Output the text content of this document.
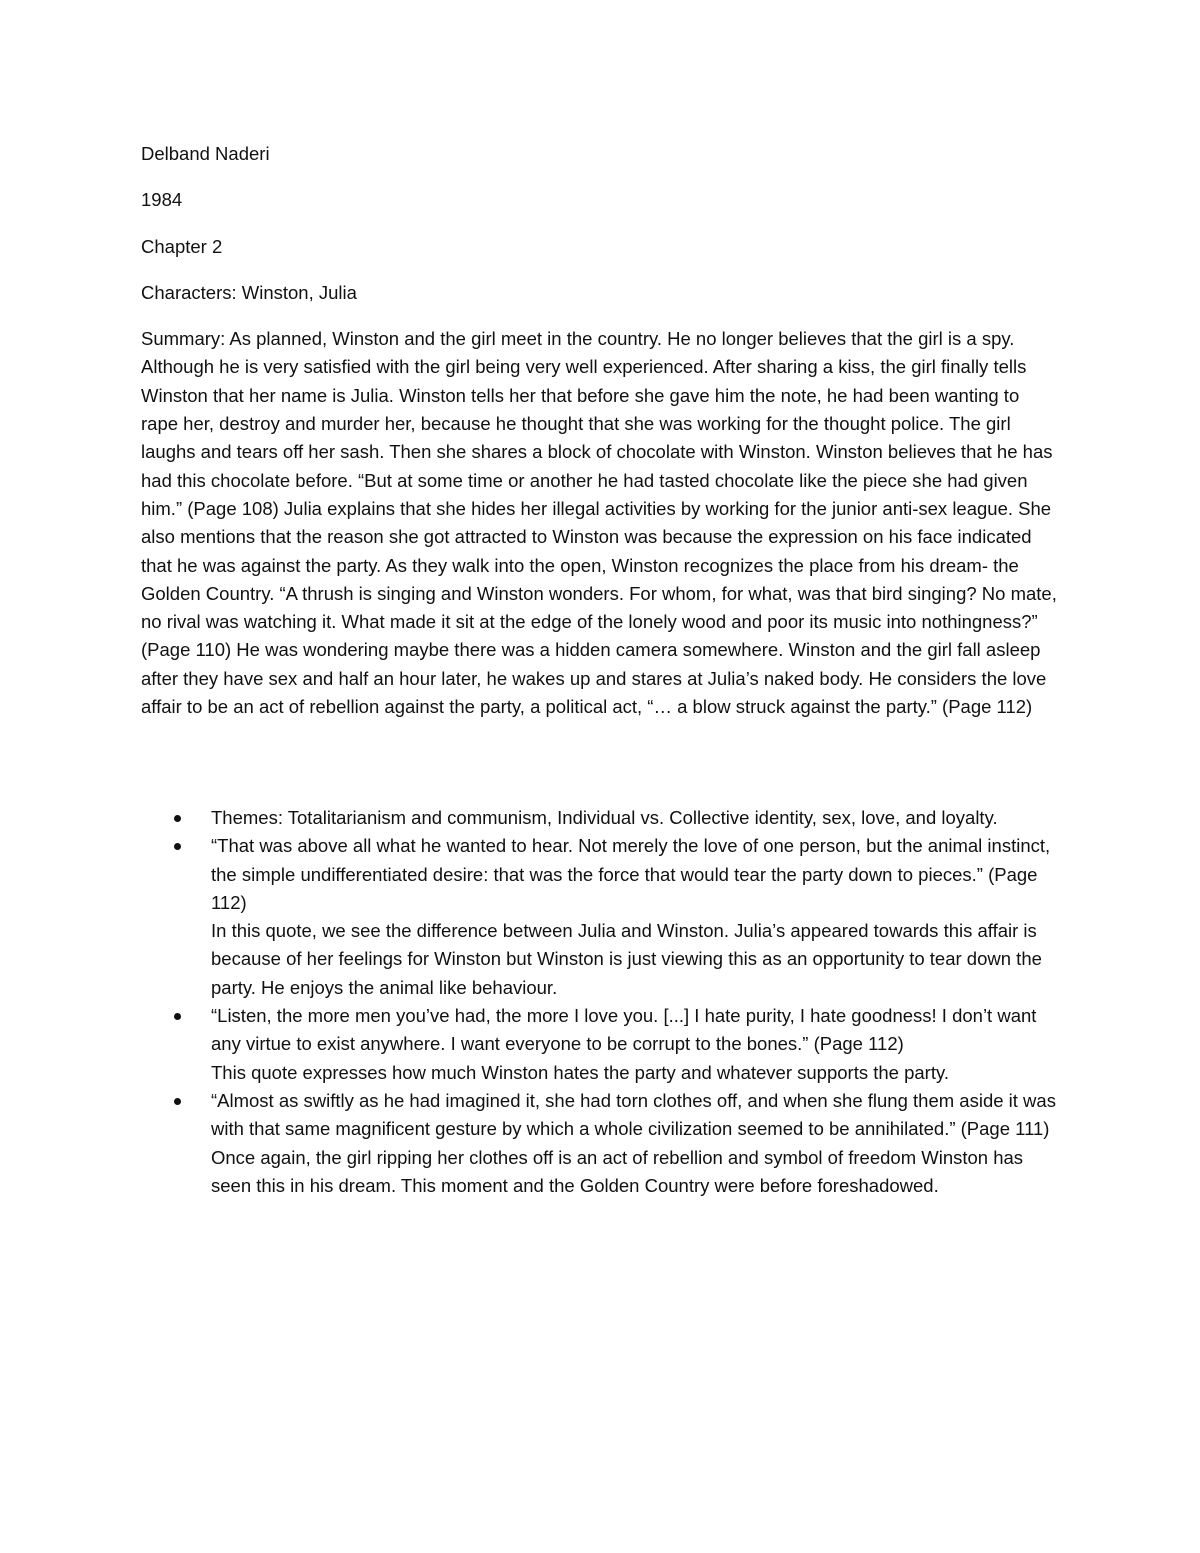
Delband Naderi

1984

Chapter 2

Characters: Winston, Julia

Summary: As planned, Winston and the girl meet in the country. He no longer believes that the girl is a spy. Although he is very satisfied with the girl being very well experienced. After sharing a kiss, the girl finally tells Winston that her name is Julia. Winston tells her that before she gave him the note, he had been wanting to rape her, destroy and murder her, because he thought that she was working for the thought police. The girl laughs and tears off her sash. Then she shares a block of chocolate with Winston. Winston believes that he has had this chocolate before. “But at some time or another he had tasted chocolate like the piece she had given him.” (Page 108) Julia explains that she hides her illegal activities by working for the junior anti-sex league. She also mentions that the reason she got attracted to Winston was because the expression on his face indicated that he was against the party. As they walk into the open, Winston recognizes the place from his dream- the Golden Country. “A thrush is singing and Winston wonders. For whom, for what, was that bird singing? No mate, no rival was watching it. What made it sit at the edge of the lonely wood and poor its music into nothingness?” (Page 110) He was wondering maybe there was a hidden camera somewhere. Winston and the girl fall asleep after they have sex and half an hour later, he wakes up and stares at Julia’s naked body. He considers the love affair to be an act of rebellion against the party, a political act, “… a blow struck against the party.” (Page 112)

Themes: Totalitarianism and communism, Individual vs. Collective identity, sex, love, and loyalty.
“That was above all what he wanted to hear. Not merely the love of one person, but the animal instinct, the simple undifferentiated desire: that was the force that would tear the party down to pieces.” (Page 112)
In this quote, we see the difference between Julia and Winston. Julia’s appeared towards this affair is because of her feelings for Winston but Winston is just viewing this as an opportunity to tear down the party. He enjoys the animal like behaviour.
“Listen, the more men you’ve had, the more I love you. [...] I hate purity, I hate goodness! I don’t want any virtue to exist anywhere. I want everyone to be corrupt to the bones.” (Page 112)
This quote expresses how much Winston hates the party and whatever supports the party.
“Almost as swiftly as he had imagined it, she had torn clothes off, and when she flung them aside it was with that same magnificent gesture by which a whole civilization seemed to be annihilated.” (Page 111)
Once again, the girl ripping her clothes off is an act of rebellion and symbol of freedom Winston has seen this in his dream. This moment and the Golden Country were before foreshadowed.
